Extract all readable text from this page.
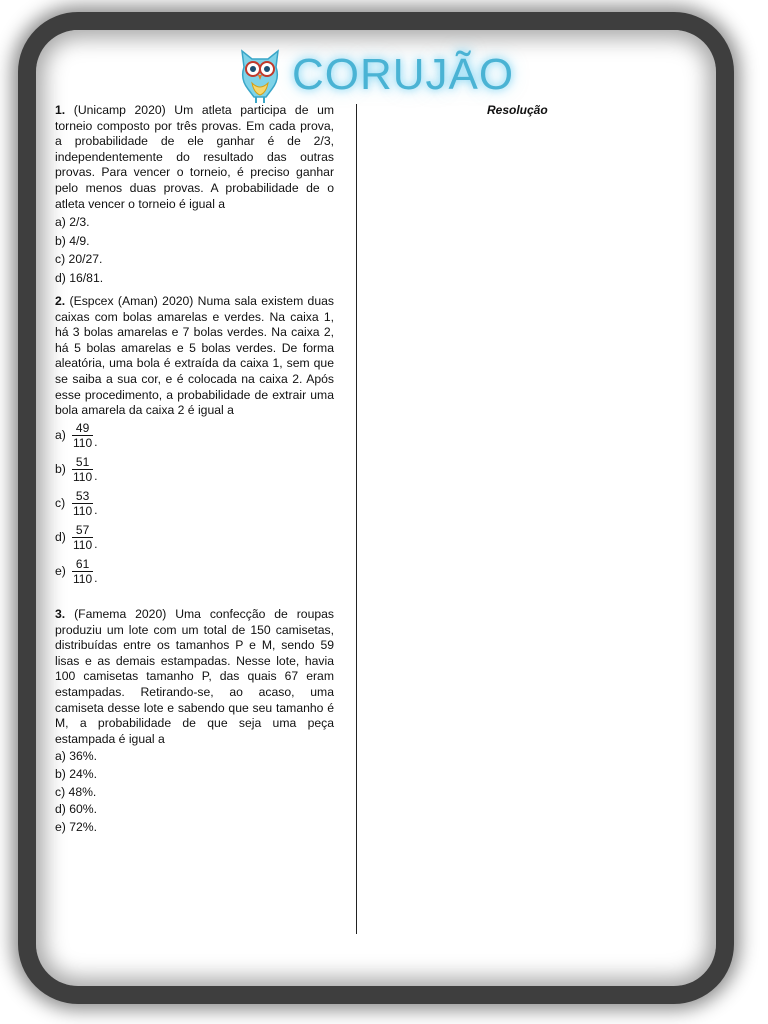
CORUJÃO
Resolução

1. (Unicamp 2020) Um atleta participa de um torneio composto por três provas. Em cada prova, a probabilidade de ele ganhar é de 2/3, independentemente do resultado das outras provas. Para vencer o torneio, é preciso ganhar pelo menos duas provas. A probabilidade de o atleta vencer o torneio é igual a

a) 2/3.
b) 4/9.
c) 20/27.
d) 16/81.

2. (Espcex (Aman) 2020) Numa sala existem duas caixas com bolas amarelas e verdes. Na caixa 1, há 3 bolas amarelas e 7 bolas verdes. Na caixa 2, há 5 bolas amarelas e 5 bolas verdes. De forma aleatória, uma bola é extraída da caixa 1, sem que se saiba a sua cor, e é colocada na caixa 2. Após esse procedimento, a probabilidade de extrair uma bola amarela da caixa 2 é igual a

$a) \frac{49}{110}$ .
$b) \frac{51}{110}$ .
$c) \frac{53}{110}$ .
$d) \frac{57}{110}$ .
$e) \frac{61}{110}$ .

3. (Famema 2020) Uma confecção de roupas produziu um lote com um total de 150 camisetas, distribuídas entre os tamanhos P e M, sendo 59 lisas e as demais estampadas. Nesse lote, havia 100 camisetas tamanho P, das quais 67 eram estampadas. Retirando-se, ao acaso, uma camiseta desse lote e sabendo que seu tamanho é M, a probabilidade de que seja uma peça estampada é igual a

a) 36%.
b) 24%.
c) 48%.
d) 60%.
e) 72%.
